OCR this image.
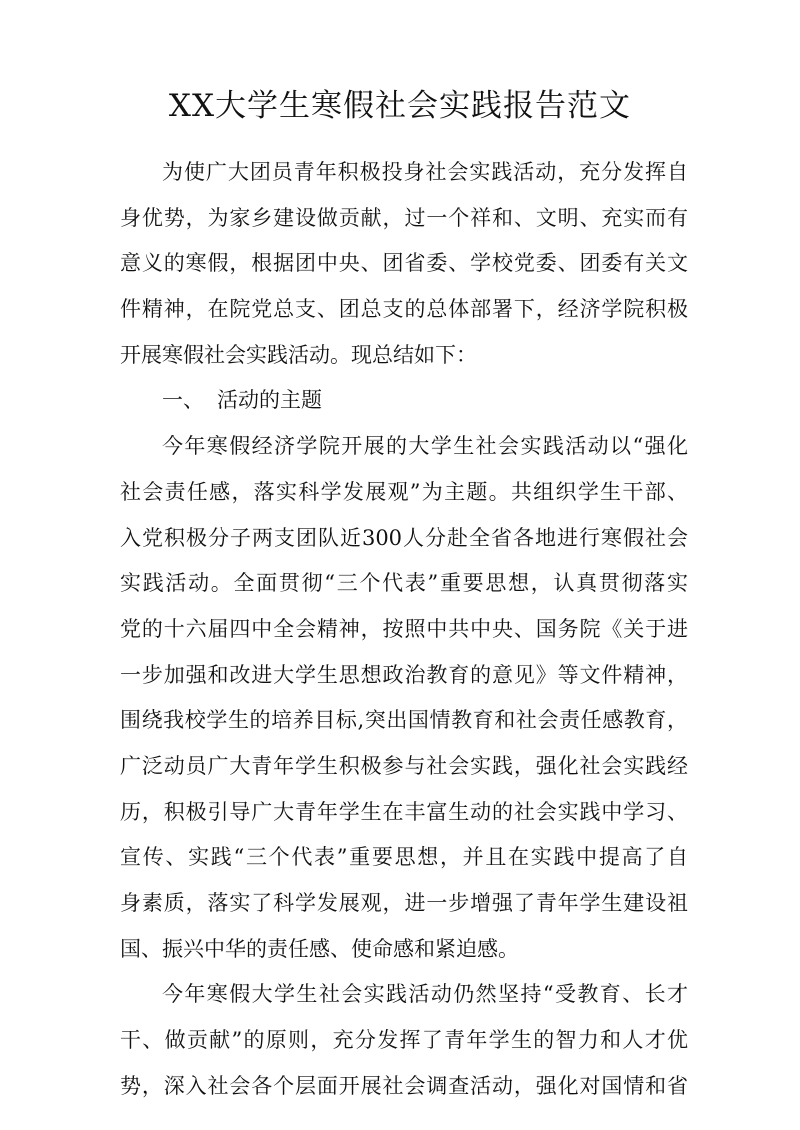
XX大学生寒假社会实践报告范文
为使广大团员青年积极投身社会实践活动，充分发挥自
身优势，为家乡建设做贡献，过一个祥和、文明、充实而有
意义的寒假，根据团中央、团省委、学校党委、团委有关文
件精神，在院党总支、团总支的总体部署下，经济学院积极
开展寒假社会实践活动。现总结如下：
一、 活动的主题
今年寒假经济学院开展的大学生社会实践活动以“强化
社会责任感，落实科学发展观”为主题。共组织学生干部、
入党积极分子两支团队近300人分赴全省各地进行寒假社会
实践活动。全面贯彻“三个代表”重要思想，认真贯彻落实
党的十六届四中全会精神，按照中共中央、国务院《关于进
一步加强和改进大学生思想政治教育的意见》等文件精神，
围绕我校学生的培养目标,突出国情教育和社会责任感教育，
广泛动员广大青年学生积极参与社会实践，强化社会实践经
历，积极引导广大青年学生在丰富生动的社会实践中学习、
宣传、实践“三个代表”重要思想，并且在实践中提高了自
身素质，落实了科学发展观，进一步增强了青年学生建设祖
国、振兴中华的责任感、使命感和紧迫感。
今年寒假大学生社会实践活动仍然坚持“受教育、长才
干、做贡献”的原则，充分发挥了青年学生的智力和人才优
势，深入社会各个层面开展社会调查活动，强化对国情和省
